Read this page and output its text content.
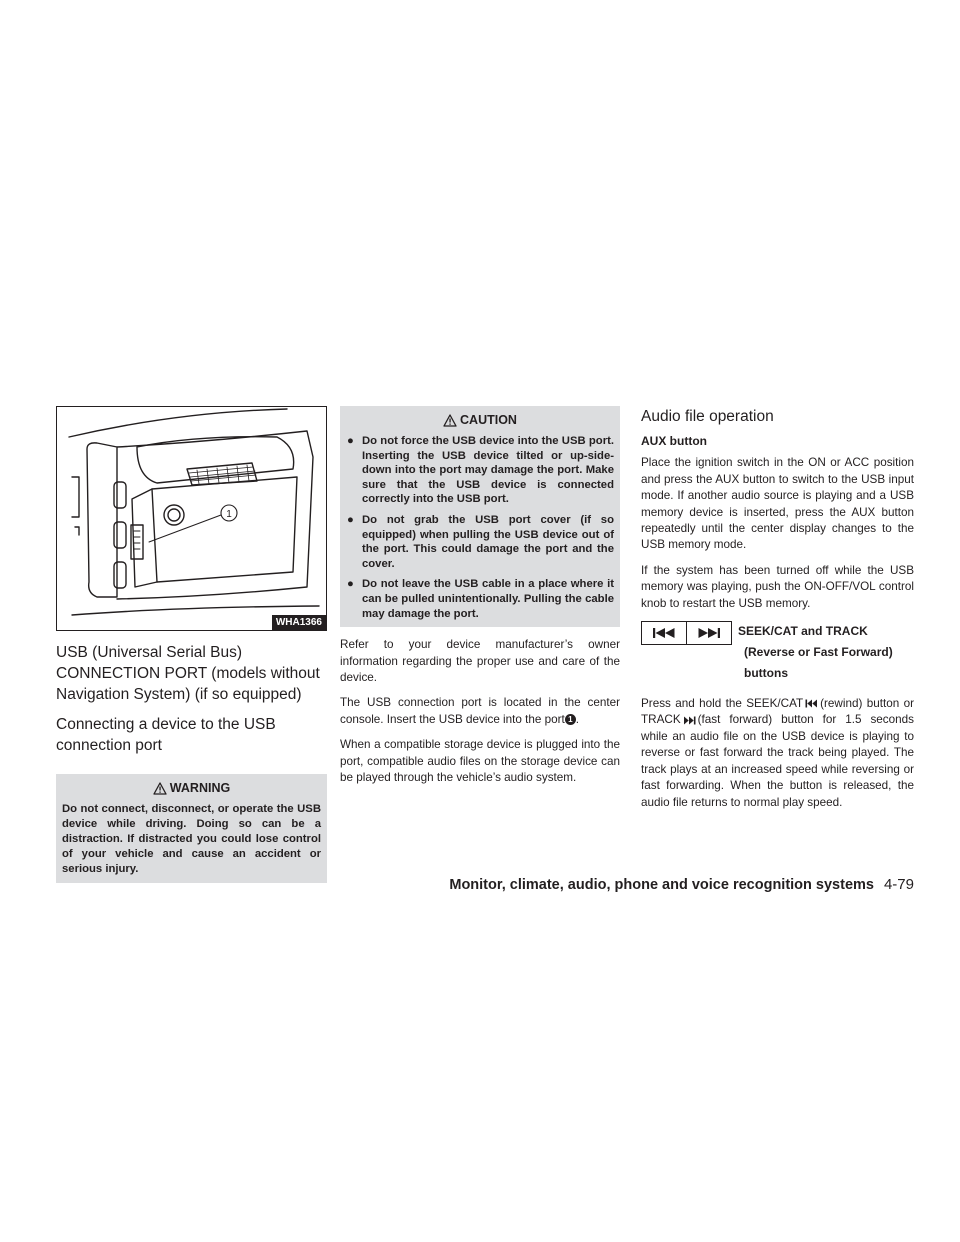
1
WHA1366
USB (Universal Serial Bus) CONNECTION PORT (models without Navigation System) (if so equipped)
Connecting a device to the USB connection port
WARNING
Do not connect, disconnect, or operate the USB device while driving. Doing so can be a distraction. If distracted you could lose control of your vehicle and cause an accident or serious injury.
CAUTION
● Do not force the USB device into the USB port. Inserting the USB device tilted or up-side-down into the port may damage the port. Make sure that the USB device is connected correctly into the USB port.
● Do not grab the USB port cover (if so equipped) when pulling the USB device out of the port. This could damage the port and the cover.
● Do not leave the USB cable in a place where it can be pulled unintentionally. Pulling the cable may damage the port.

Refer to your device manufacturer’s owner information regarding the proper use and care of the device.

The USB connection port is located in the center console. Insert the USB device into the port 1 .

When a compatible storage device is plugged into the port, compatible audio files on the storage device can be played through the vehicle’s audio system.

Audio file operation

AUX button

Place the ignition switch in the ON or ACC position and press the AUX button to switch to the USB input mode. If another audio source is playing and a USB memory device is inserted, press the AUX button repeatedly until the center display changes to the USB memory mode.

If the system has been turned off while the USB memory was playing, push the ON-OFF/VOL control knob to restart the USB memory.

SEEK/CAT and TRACK
(Reverse or Fast Forward)
buttons

Press and hold the SEEK/CAT (rewind) button or TRACK (fast forward) button for 1.5 seconds while an audio file on the USB device is playing to reverse or fast forward the track being played. The track plays at an increased speed while reversing or fast forwarding. When the button is released, the audio file returns to normal play speed.

Monitor, climate, audio, phone and voice recognition systems 4-79
